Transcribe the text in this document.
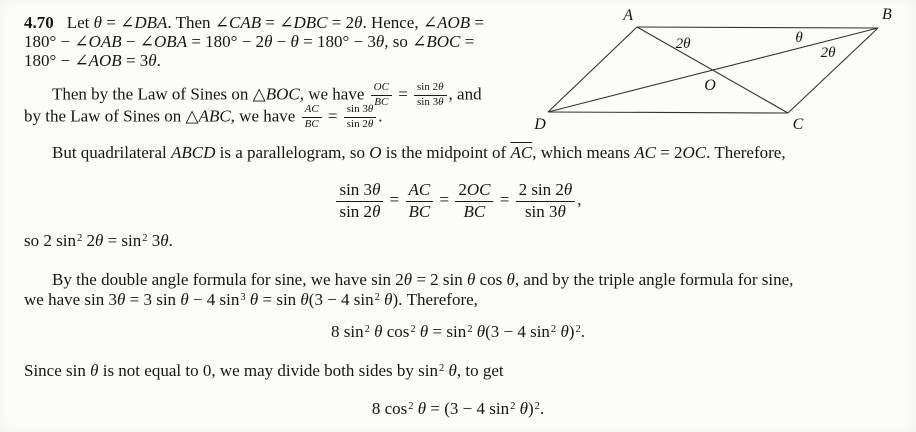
4.70 Let θ = ∠DBA. Then ∠CAB = ∠DBC = 2θ. Hence, ∠AOB =
180° − ∠OAB − ∠OBA = 180° − 2θ − θ = 180° − 3θ, so ∠BOC =
180° − ∠AOB = 3θ.
Then by the Law of Sines on △BOC, we have $\frac{OC}{BC} = \frac{\sin 2\theta}{\sin 3\theta}$ , and
by the Law of Sines on △ABC, we have $\frac{AC}{BC} = \frac{\sin 3\theta}{\sin 2\theta}$ .
But quadrilateral ABCD is a parallelogram, so O is the midpoint of $\overline{AC}$, which means AC = 2OC. Therefore,
$\frac{\sin 3\theta}{\sin 2\theta} = \frac{AC}{BC} = \frac{2OC}{BC} = \frac{2 \sin 2\theta}{\sin 3\theta}$ ,
so 2 $\sin^2 2\theta = \sin^2 3\theta$.
By the double angle formula for sine, we have sin 2θ = 2 sin θ cos θ, and by the triple angle formula for sine,
we have sin 3θ = 3 sin θ − 4 $\sin^3 \theta = \sin \theta(3 - 4$ $\sin^2 \theta$). Therefore,
8 $\sin^2 \theta$ $\cos^2 \theta = \sin^2 \theta(3 - 4$ $\sin^2 \theta)^2$.
Since sin θ is not equal to 0, we may divide both sides by $\sin^2 \theta$, to get
8 $\cos^2 \theta = (3 - 4$ $\sin^2 \theta)^2$.
A	B
C
D
O
2θ	θ
2θ
